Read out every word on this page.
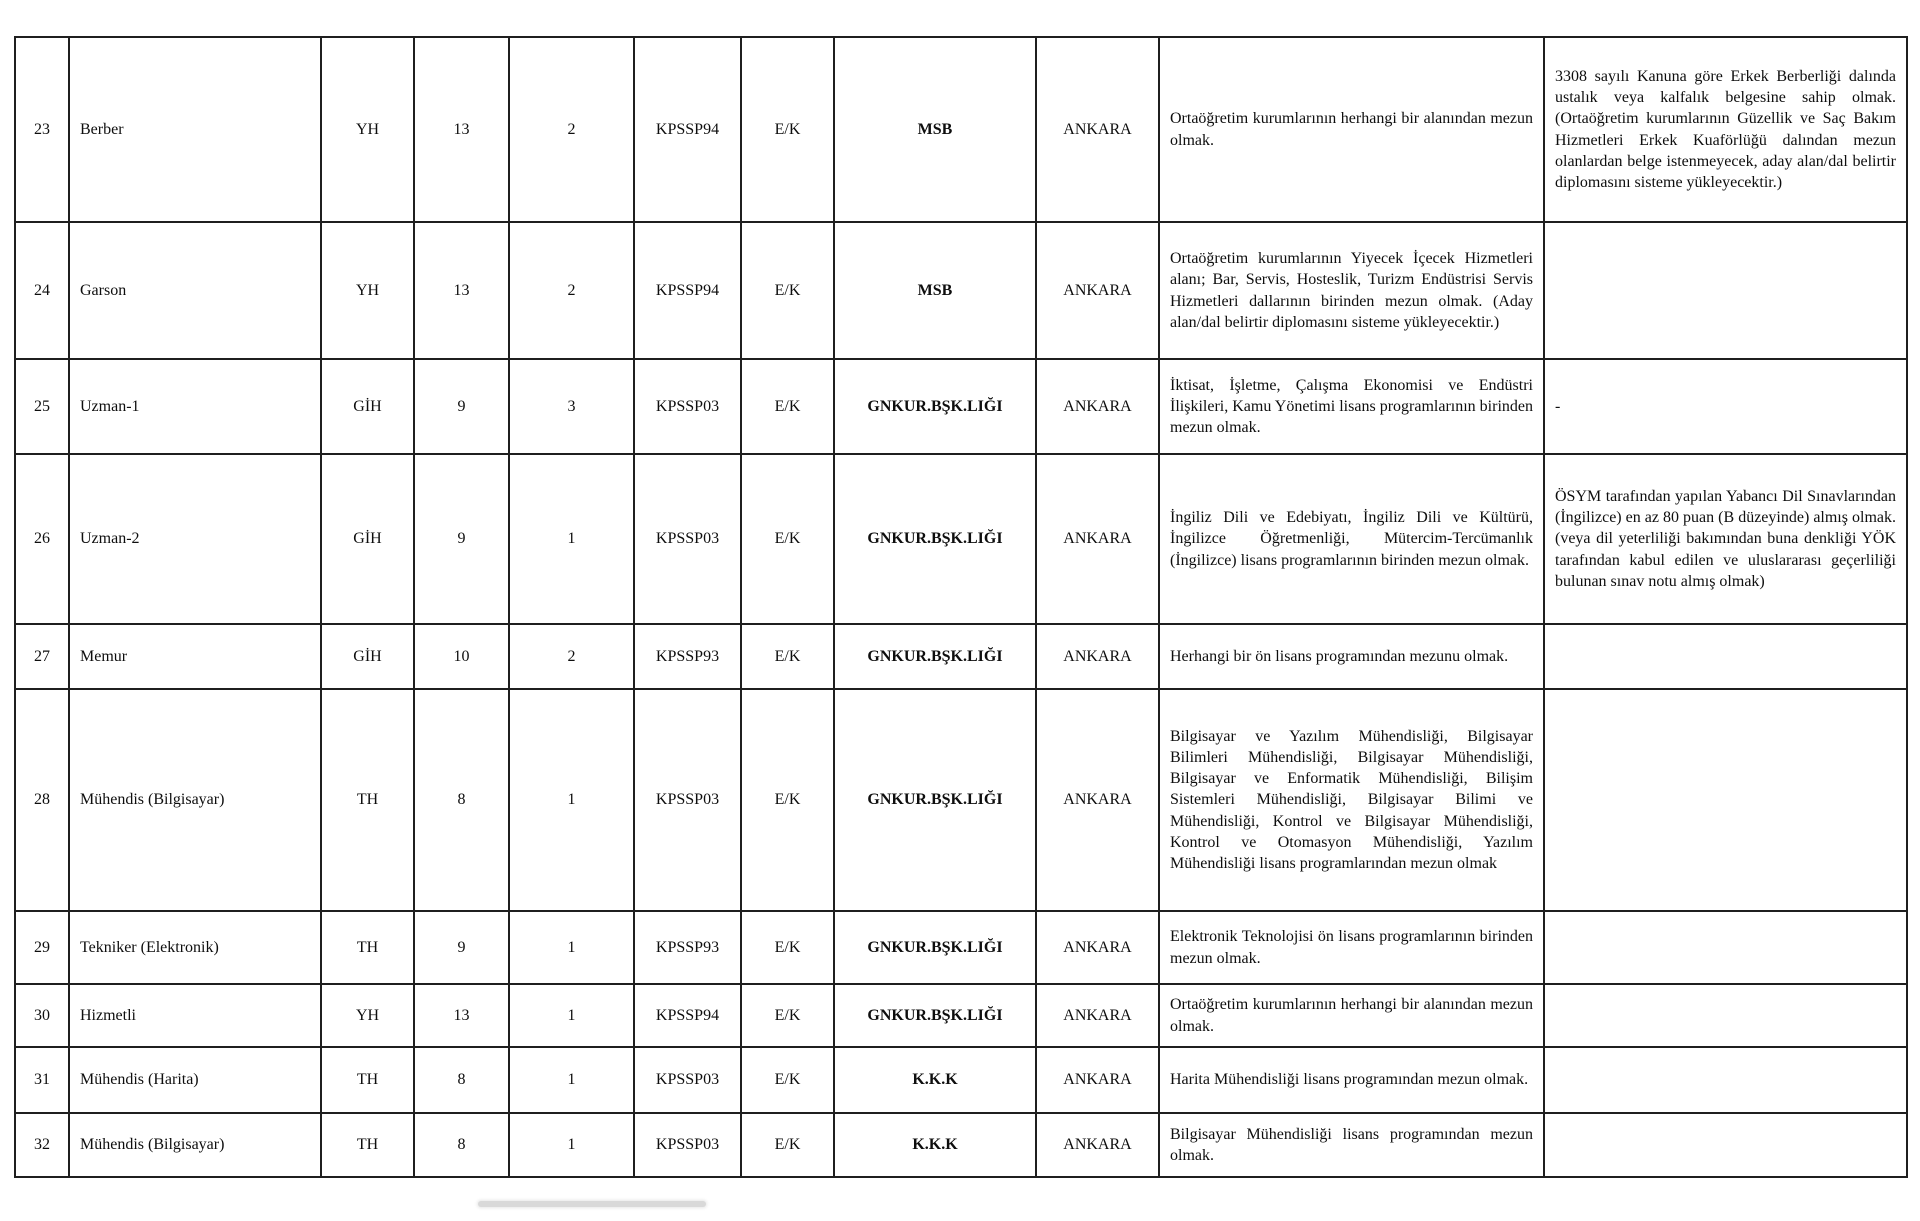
23	Berber	YH	13	2	KPSSP94	E/K	MSB	ANKARA	Ortaöğretim kurumlarının herhangi bir alanından mezun olmak.	3308 sayılı Kanuna göre Erkek Berberliği dalında ustalık veya kalfalık belgesine sahip olmak. (Ortaöğretim kurumlarının Güzellik ve Saç Bakım Hizmetleri Erkek Kuaförlüğü dalından mezun olanlardan belge istenmeyecek, aday alan/dal belirtir diplomasını sisteme yükleyecektir.)
24	Garson	YH	13	2	KPSSP94	E/K	MSB	ANKARA	Ortaöğretim kurumlarının Yiyecek İçecek Hizmetleri alanı; Bar, Servis, Hosteslik, Turizm Endüstrisi Servis Hizmetleri dallarının birinden mezun olmak. (Aday alan/dal belirtir diplomasını sisteme yükleyecektir.)	
25	Uzman-1	GİH	9	3	KPSSP03	E/K	GNKUR.BŞK.LIĞI	ANKARA	İktisat, İşletme, Çalışma Ekonomisi ve Endüstri İlişkileri, Kamu Yönetimi lisans programlarının birinden mezun olmak.	-
26	Uzman-2	GİH	9	1	KPSSP03	E/K	GNKUR.BŞK.LIĞI	ANKARA	İngiliz Dili ve Edebiyatı, İngiliz Dili ve Kültürü, İngilizce Öğretmenliği, Mütercim-Tercümanlık (İngilizce) lisans programlarının birinden mezun olmak.	ÖSYM tarafından yapılan Yabancı Dil Sınavlarından (İngilizce) en az 80 puan (B düzeyinde) almış olmak. (veya dil yeterliliği bakımından buna denkliği YÖK tarafından kabul edilen ve uluslararası geçerliliği bulunan sınav notu almış olmak)
27	Memur	GİH	10	2	KPSSP93	E/K	GNKUR.BŞK.LIĞI	ANKARA	Herhangi bir ön lisans programından mezunu olmak.	
28	Mühendis (Bilgisayar)	TH	8	1	KPSSP03	E/K	GNKUR.BŞK.LIĞI	ANKARA	Bilgisayar ve Yazılım Mühendisliği, Bilgisayar Bilimleri Mühendisliği, Bilgisayar Mühendisliği, Bilgisayar ve Enformatik Mühendisliği, Bilişim Sistemleri Mühendisliği, Bilgisayar Bilimi ve Mühendisliği, Kontrol ve Bilgisayar Mühendisliği, Kontrol ve Otomasyon Mühendisliği, Yazılım Mühendisliği lisans programlarından mezun olmak	
29	Tekniker (Elektronik)	TH	9	1	KPSSP93	E/K	GNKUR.BŞK.LIĞI	ANKARA	Elektronik Teknolojisi ön lisans programlarının birinden mezun olmak.	
30	Hizmetli	YH	13	1	KPSSP94	E/K	GNKUR.BŞK.LIĞI	ANKARA	Ortaöğretim kurumlarının herhangi bir alanından mezun olmak.	
31	Mühendis (Harita)	TH	8	1	KPSSP03	E/K	K.K.K	ANKARA	Harita Mühendisliği lisans programından mezun olmak.	
32	Mühendis (Bilgisayar)	TH	8	1	KPSSP03	E/K	K.K.K	ANKARA	Bilgisayar Mühendisliği lisans programından mezun olmak.	
